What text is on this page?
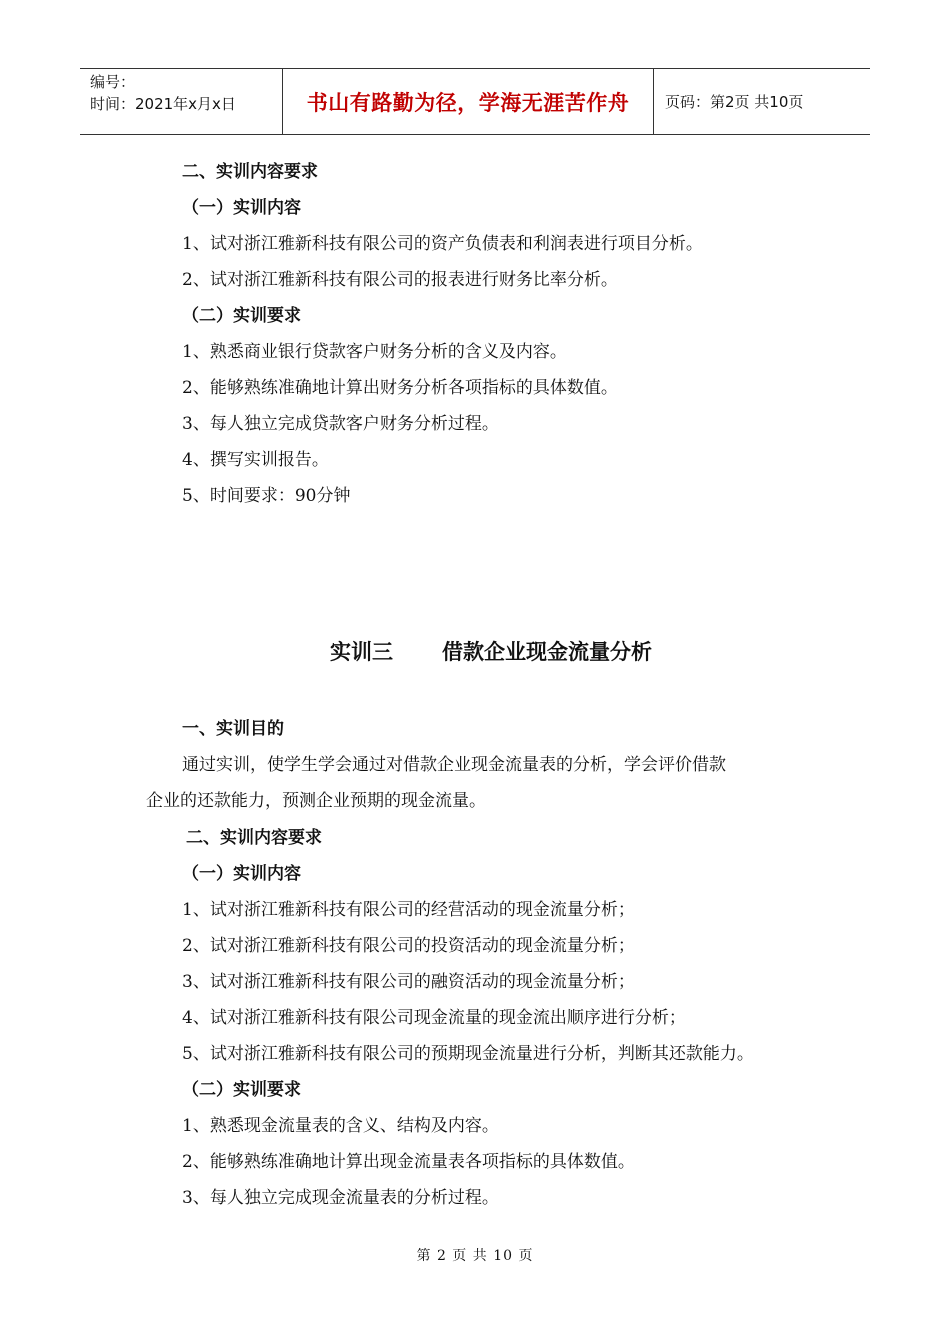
编号：
时间：2021年x月x日	书山有路勤为径，学海无涯苦作舟	页码：第2页 共10页
二、实训内容要求
（一）实训内容
1、试对浙江雅新科技有限公司的资产负债表和利润表进行项目分析。
2、试对浙江雅新科技有限公司的报表进行财务比率分析。
（二）实训要求
1、熟悉商业银行贷款客户财务分析的含义及内容。
2、能够熟练准确地计算出财务分析各项指标的具体数值。
3、每人独立完成贷款客户财务分析过程。
4、撰写实训报告。
5、时间要求：90分钟
实训三 借款企业现金流量分析
一、实训目的
通过实训，使学生学会通过对借款企业现金流量表的分析，学会评价借款
企业的还款能力，预测企业预期的现金流量。
二、实训内容要求
（一）实训内容
1、试对浙江雅新科技有限公司的经营活动的现金流量分析；
2、试对浙江雅新科技有限公司的投资活动的现金流量分析；
3、试对浙江雅新科技有限公司的融资活动的现金流量分析；
4、试对浙江雅新科技有限公司现金流量的现金流出顺序进行分析；
5、试对浙江雅新科技有限公司的预期现金流量进行分析，判断其还款能力。
（二）实训要求
1、熟悉现金流量表的含义、结构及内容。
2、能够熟练准确地计算出现金流量表各项指标的具体数值。
3、每人独立完成现金流量表的分析过程。
第 2 页 共 10 页
